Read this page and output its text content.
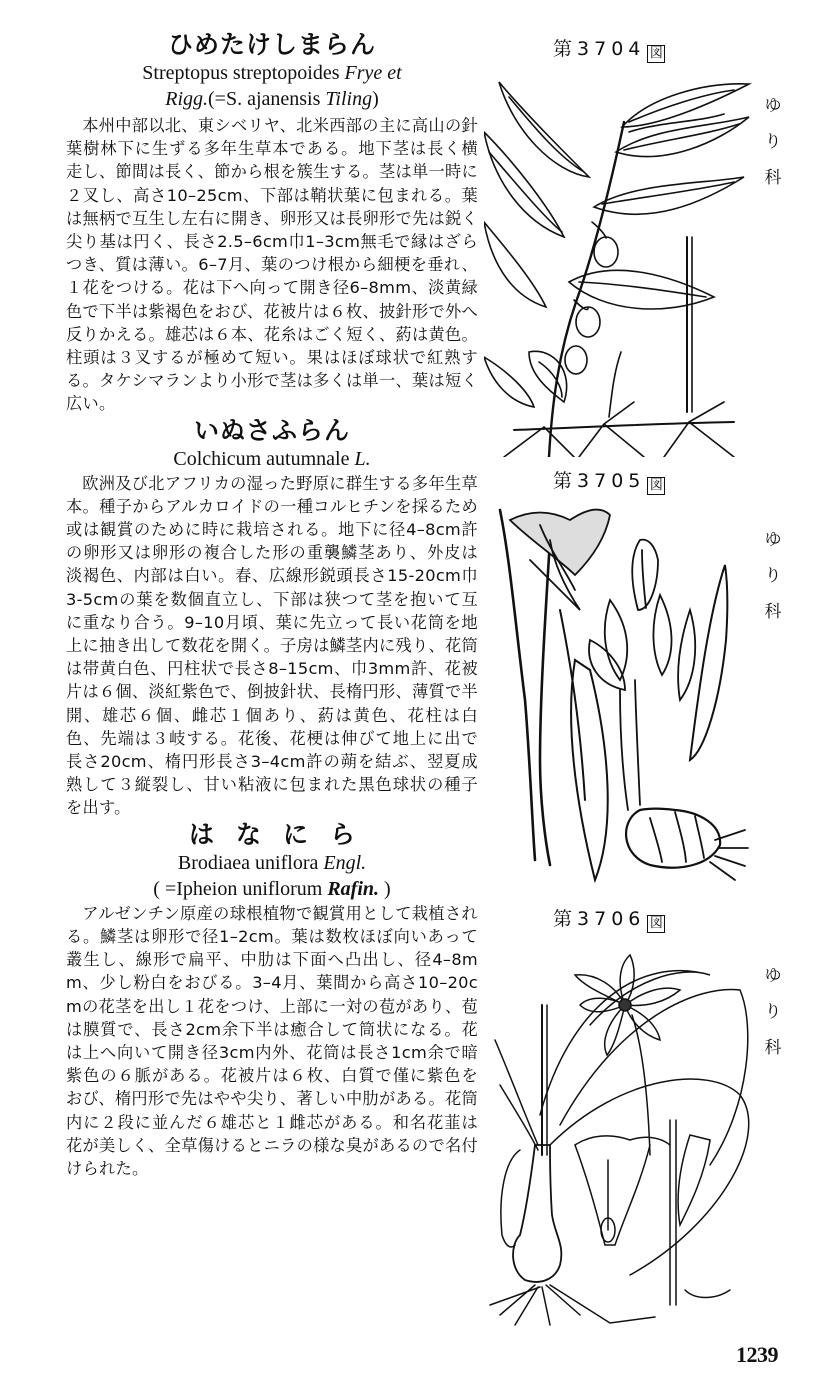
ひめたけしまらん

Streptopus streptopoides Frye et

Rigg.(=S. ajanensis Tiling)

本州中部以北、東シベリヤ、北米西部の主に高山の針葉樹林下に生ずる多年生草本である。地下茎は長く横走し、節間は長く、節から根を簇生する。茎は単一時に２叉し、高さ10–25cm、下部は鞘状葉に包まれる。葉は無柄で互生し左右に開き、卵形又は長卵形で先は鋭く尖り基は円く、長さ2.5–6cm巾1–3cm無毛で縁はざらつき、質は薄い。6–7月、葉のつけ根から細梗を垂れ、１花をつける。花は下へ向って開き径6–8mm、淡黄緑色で下半は紫褐色をおび、花被片は６枚、披針形で外へ反りかえる。雄芯は６本、花糸はごく短く、葯は黄色。柱頭は３叉するが極めて短い。果はほぼ球状で紅熟する。タケシマランより小形で茎は多くは単一、葉は短く広い。

いぬさふらん

Colchicum autumnale L.

欧洲及び北アフリカの湿った野原に群生する多年生草本。種子からアルカロイドの一種コルヒチンを採るため或は観賞のために時に栽培される。地下に径4–8cm許の卵形又は卵形の複合した形の重襲鱗茎あり、外皮は淡褐色、内部は白い。春、広線形鋭頭長さ15-20cm巾3-5cmの葉を数個直立し、下部は狭つて茎を抱いて互に重なり合う。9–10月頃、葉に先立って長い花筒を地上に抽き出して数花を開く。子房は鱗茎内に残り、花筒は帯黄白色、円柱状で長さ8–15cm、巾3mm許、花被片は６個、淡紅紫色で、倒披針状、長楕円形、薄質で半開、雄芯６個、雌芯１個あり、葯は黄色、花柱は白色、先端は３岐する。花後、花梗は伸びて地上に出で長さ20cm、楕円形長さ3–4cm許の蒴を結ぶ、翌夏成熟して３縦裂し、甘い粘液に包まれた黒色球状の種子を出す。

はなにら

Brodiaea uniflora Engl.

( =Ipheion uniflorum Rafin. )

アルゼンチン原産の球根植物で観賞用として栽植される。鱗茎は卵形で径1–2cm。葉は数枚ほぼ向いあって叢生し、線形で扁平、中肋は下面へ凸出し、径4–8mm、少し粉白をおびる。3–4月、葉間から高さ10–20cmの花茎を出し１花をつけ、上部に一対の苞があり、苞は膜質で、長さ2cm余下半は癒合して筒状になる。花は上へ向いて開き径3cm内外、花筒は長さ1cm余で暗紫色の６脈がある。花被片は６枚、白質で僅に紫色をおび、楕円形で先はやや尖り、著しい中肋がある。花筒内に２段に並んだ６雄芯と１雌芯がある。和名花韮は花が美しく、全草傷けるとニラの様な臭があるので名付けられた。

第3704 図
ゆ
り
科
第3705 図
ゆ
り
科
第3706 図
ゆ
り
科
1239
